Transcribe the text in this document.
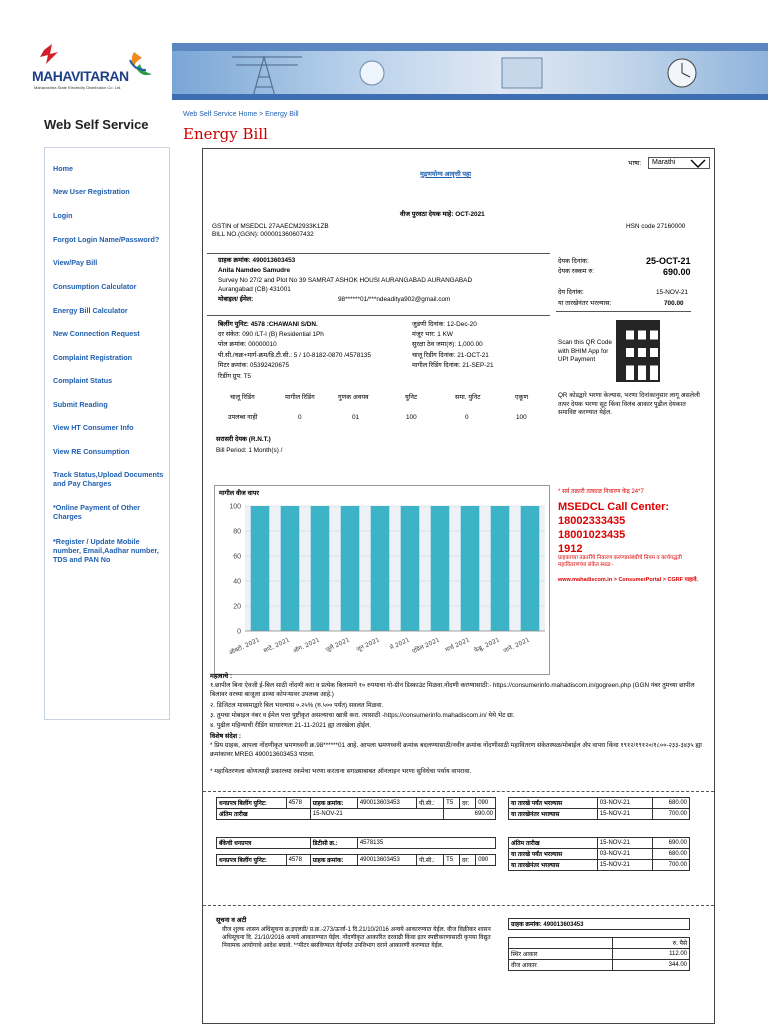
MAHAVITARAN
Maharashtra State Electricity Distribution Co. Ltd.
Web Self Service
Home
New User Registration
Login
Forgot Login Name/Password?
View/Pay Bill
Consumption Calculator
Energy Bill Calculator
New Connection Request
Complaint Registration
Complaint Status
Submit Reading
View HT Consumer Info
View RE Consumption
Track Status,Upload Documents and Pay Charges
*Online Payment of Other Charges
*Register / Update Mobile number, Email,Aadhar number, TDS and PAN No
Web Self Service Home > Energy Bill
Energy Bill
मुद्रणयोग्य आवृत्ती पहा
भाषा:	Marathi
वीज पुरवठा देयक माहे: OCT-2021
GSTIN of MSEDCL 27AAECM2933K1ZB
BILL NO.(GGN): 000001360607432
HSN code 27160000
ग्राहक क्रमांक: 490013603453
Anita Namdeo Samudre
Survey No 27/2 and Plot No 39 SAMRAT ASHOK HOUSI AURANGABAD AURANGABAD
Aurangabad (CB) 431001
मोबाइल/ ईमेल:	98******01/***ndeaditya902@gmail.com
देयक दिनांक:	25-OCT-21
देयक रक्कम रु:	690.00
देय दिनांक:	15-NOV-21
या तारखेनंतर भरल्यास:	700.00
बिलींग युनिट: 4578 :CHAWANI S/DN.
दर संकेत: 090 /LT-I (B) Residential 1Ph
पोल क्रमांक: 00000010
पी.सी./चक्र+मार्ग-क्रम/डि.टी.सी.: 5 / 10-8182-0870 /4578135
मिटर क्रमांक: 05392420675
रिडींग ग्रुप: T5
जुडणी दिनांक: 12-Dec-20
मंजूर भार: 1 KW
सुरक्षा ठेव जमा(रु): 1,000.00
चालू रिडींग दिनांक: 21-OCT-21
मागील रिडिंग दिनांक: 21-SEP-21
Scan this QR Code with BHIM App for UPI Payment
QR कोडद्वारे भरणा केल्यास, भरणा दिनांकानुसार लागू असलेली तत्पर देयक भरणा सूट किंवा विलंब आकार पुढील देयकात समाविष्ट करण्यात येईल.
चालू रिडिंग	मागील रिडिंग	गुणक अवयव	युनिट	समा. युनिट	एकूण
उपलब्ध नाही	0	01	100	0	100
सरासरी देयक (R.N.T.)
Bill Period: 1 Month(s) /
मागील वीज वापर
0
20
40
60
80
100
ऑक्टो. 2021 सप्टे. 2021 ऑग. 2021 जुलै 2021 जून 2021 मे 2021 एप्रिल 2021 मार्च 2021 फेब्रु. 2021 जाने. 2021
* सर्व तक्रारी तत्काळ निवारण केंद्र 24*7
MSEDCL Call Center:
18002333435
18001023435
1912
ग्राहकाच्या तक्रारींचे निवारण करण्यासंबंधीचे नियम व कार्यपद्धती महावितरणच्या संकेत स्थळ:-
www.mahadiscom.in > ConsumerPortal > CGRF पाहावे.
महत्वाचे :
१.छापील बिना ऐवजी ई-बिल साठी नोंदणी करा व प्रत्येक बिलामागे १० रुपयाचा गो-ग्रीन डिस्काउंट मिळवा.नोंदणी करण्यासाठी:- https://consumerinfo.mahadiscom.in/gogreen.php (GGN नंबर तुमच्या छापील बिलावर वरच्या बाजूला डाव्या कोपऱ्यावर उपलब्ध आहे.)
२. डिजिटल माध्यमाद्वारे बिल भरल्यास ०.२५% (रु.५०० पर्यंत) सवलत मिळवा.
३. तुमचा मोबाइल नंबर व ईमेल पत्ता पुष्टीकृत असल्याचा खात्री करा. त्यासाठी -https://consumerinfo.mahadiscom.in/ येथे भेट द्या.
४. पुढील महिन्याची रीडिंग साधारणतः 21-11-2021 ह्या तारखेला होईल.
विशेष संदेश :
* प्रिय ग्राहक, आपला नोंदणीकृत भ्रमणध्वनी क्र.98******01 आहे. आपला भ्रमणध्वनी क्रमांक बदलण्यासाठी/नवीन क्रमांक नोंदणीसाठी महावितरण संकेतस्थळ/मोबाईल ॲप वापरा किंवा १९१२/१९१२०/१८००-२३३-३४३५ ह्या क्रमांकावर MREG 490013603453 पाठवा.
* महावितरणला कोणत्याही प्रकारच्या रकमेचा भरणा करताना सगळ्याबाबत ऑनलाइन भरणा सुविधेचा पर्याय वापरावा.
धनप्रपत्र बिलींग युनिट:	4578	ग्राहक क्रमांक:	490013603453	पी.सी.:	T5	दर:	090
अंतिम तारीख		15-NOV-21			690.00		
या तारखे पर्यंत भरल्यास	03-NOV-21	680.00
या तारखेनंतर भरल्यास	15-NOV-21	700.00
बँकेची धनप्रपत्र		डिटीसी क्र.:	4578135				

धनप्रपत्र बिलींग युनिट:	4578	ग्राहक क्रमांक:	490013603453	पी.सी.:	T5	दर:	090
अंतिम तारीख	15-NOV-21	690.00
या तारखे पर्यंत भरल्यास	03-NOV-21	680.00
या तारखेनंतर भरल्यास	15-NOV-21	700.00
सूचना व अटी
वीज शुल्क शासन अधिसूचना क्र.इएलडी/ प्र.क्र.-273/ऊर्जा-1 दि.21/10/2016 अन्वये आकारण्यात येईल. वीज विक्रीकर शासन अधिसूचना दि. 21/10/2016 अन्वये आकारण्यात येईल. नोंदणीकृत आकारित दरवाढी किंवा इतर स्पष्टीकरणासाठी कृपया विद्युत नियामक आयोगाचे आदेश बघावे. **मीटर बसविण्यात येईपर्यंत उपविभाग दराने आकारणी करण्यात येईल.
ग्राहक क्रमांक: 490013603453	

	रु. पैसे
स्थिर आकार	112.00
वीज आकार	344.00
